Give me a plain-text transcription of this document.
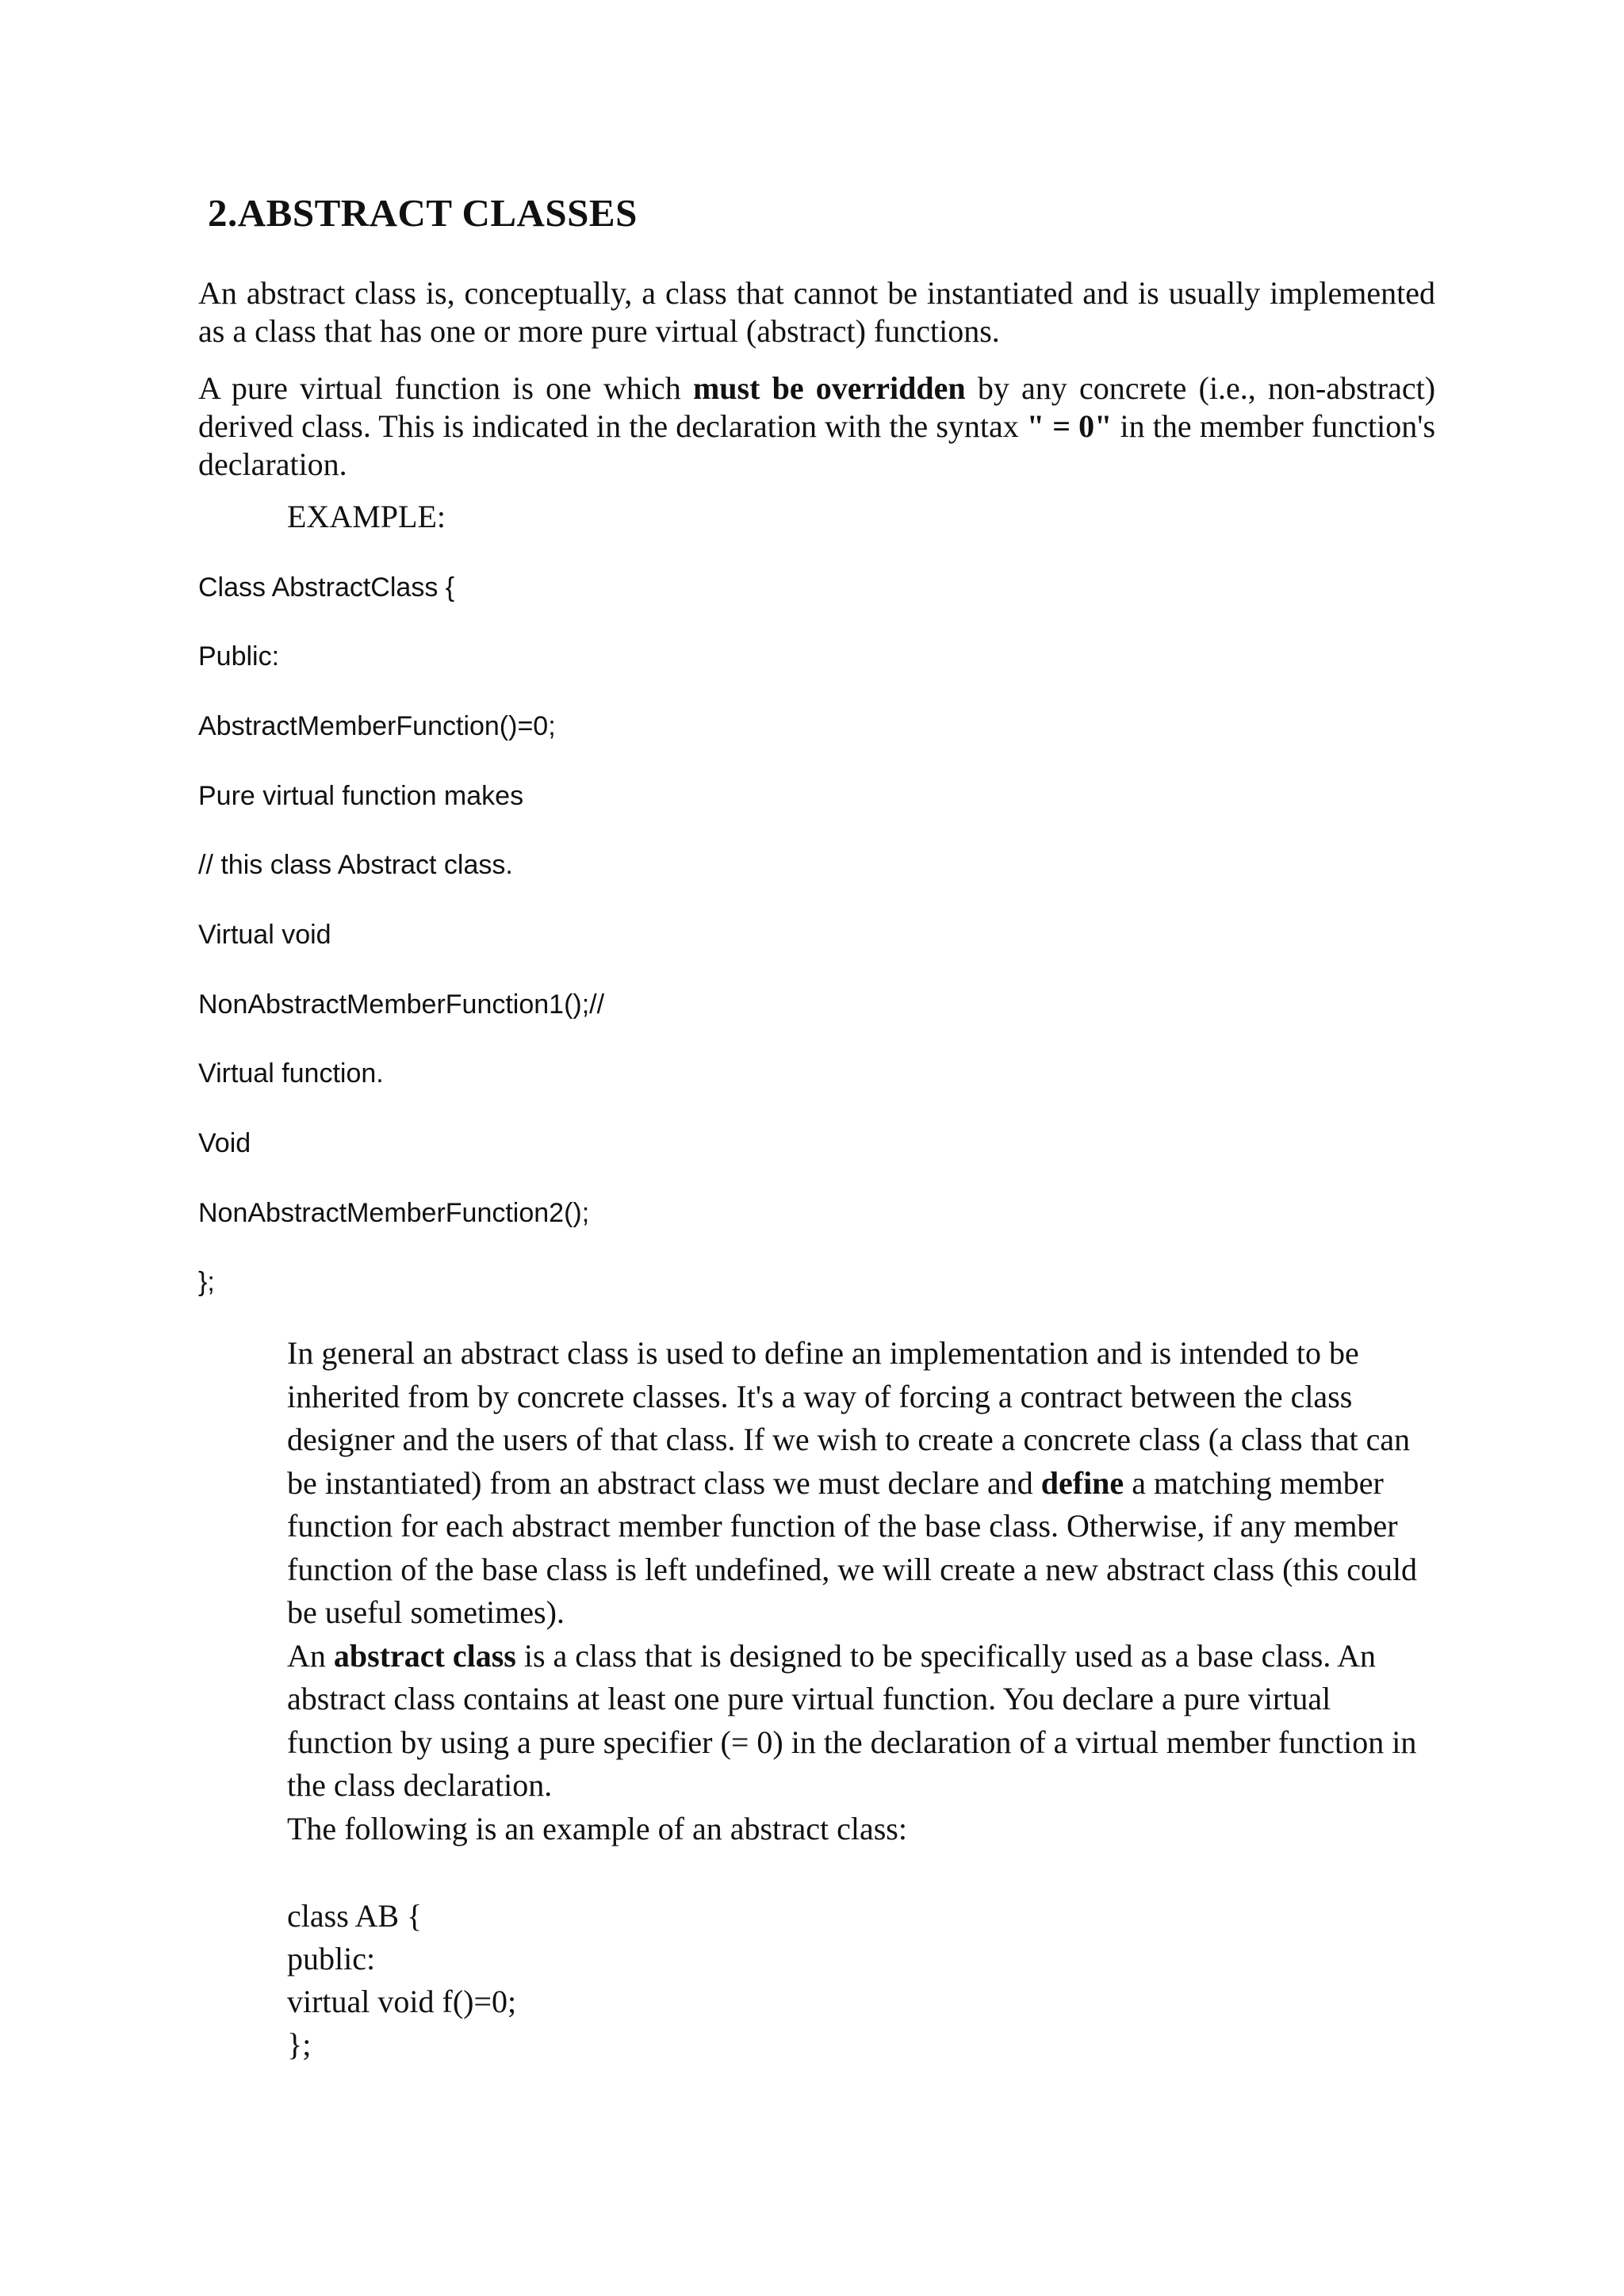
2.ABSTRACT CLASSES

An abstract class is, conceptually, a class that cannot be instantiated and is usually implemented as a class that has one or more pure virtual (abstract) functions.

A pure virtual function is one which must be overridden by any concrete (i.e., non-abstract) derived class. This is indicated in the declaration with the syntax " = 0" in the member function's declaration.

EXAMPLE:
Class AbstractClass {
Public:
AbstractMemberFunction()=0;
Pure virtual function makes
// this class Abstract class.
Virtual void
NonAbstractMemberFunction1();//
Virtual function.
Void
NonAbstractMemberFunction2();
};

In general an abstract class is used to define an implementation and is intended to be inherited from by concrete classes. It's a way of forcing a contract between the class designer and the users of that class. If we wish to create a concrete class (a class that can be instantiated) from an abstract class we must declare and define a matching member function for each abstract member function of the base class. Otherwise, if any member function of the base class is left undefined, we will create a new abstract class (this could be useful sometimes).

An abstract class is a class that is designed to be specifically used as a base class. An abstract class contains at least one pure virtual function. You declare a pure virtual function by using a pure specifier (= 0) in the declaration of a virtual member function in the class declaration.

The following is an example of an abstract class:

class AB {
public:
virtual void f()=0;
};
